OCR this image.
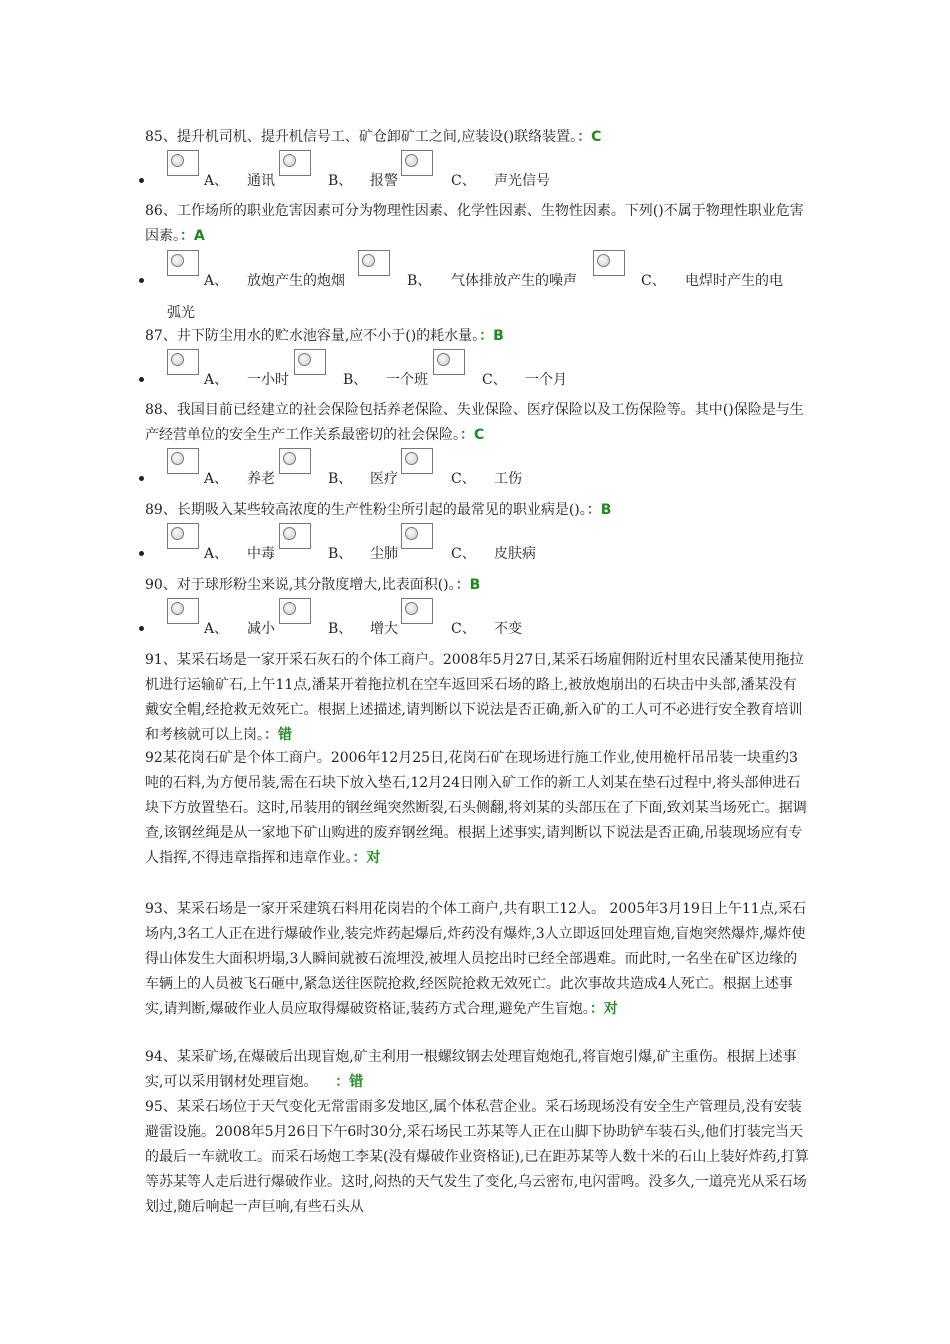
85、提升机司机、提升机信号工、矿仓卸矿工之间,应装设()联络装置。：C

A、 通讯	B、 报警	C、 声光信号

86、工作场所的职业危害因素可分为物理性因素、化学性因素、生物性因素。下列()不属于物理性职业危害因素。：A

A、 放炮产生的炮烟	B、 气体排放产生的噪声	C、 电焊时产生的电
弧光

87、井下防尘用水的贮水池容量,应不小于()的耗水量。：B

A、 一小时	B、 一个班	C、 一个月

88、我国目前已经建立的社会保险包括养老保险、失业保险、医疗保险以及工伤保险等。其中()保险是与生产经营单位的安全生产工作关系最密切的社会保险。：C

A、 养老	B、 医疗	C、 工伤

89、长期吸入某些较高浓度的生产性粉尘所引起的最常见的职业病是()。：B

A、 中毒	B、 尘肺	C、 皮肤病

90、对于球形粉尘来说,其分散度增大,比表面积()。：B

A、 减小	B、 增大	C、 不变

91、某采石场是一家开采石灰石的个体工商户。2008年5月27日,某采石场雇佣附近村里农民潘某使用拖拉机进行运输矿石,上午11点,潘某开着拖拉机在空车返回采石场的路上,被放炮崩出的石块击中头部,潘某没有戴安全帽,经抢救无效死亡。根据上述描述,请判断以下说法是否正确,新入矿的工人可不必进行安全教育培训和考核就可以上岗。：错

92某花岗石矿是个体工商户。2006年12月25日,花岗石矿在现场进行施工作业,使用桅杆吊吊装一块重约3吨的石料,为方便吊装,需在石块下放入垫石,12月24日刚入矿工作的新工人刘某在垫石过程中,将头部伸进石块下方放置垫石。这时,吊装用的钢丝绳突然断裂,石头侧翻,将刘某的头部压在了下面,致刘某当场死亡。据调查,该钢丝绳是从一家地下矿山购进的废弃钢丝绳。根据上述事实,请判断以下说法是否正确,吊装现场应有专人指挥,不得违章指挥和违章作业。：对

93、某采石场是一家开采建筑石料用花岗岩的个体工商户,共有职工12人。 2005年3月19日上午11点,采石场内,3名工人正在进行爆破作业,装完炸药起爆后,炸药没有爆炸,3人立即返回处理盲炮,盲炮突然爆炸,爆炸使得山体发生大面积坍塌,3人瞬间就被石流埋没,被埋人员挖出时已经全部遇难。而此时,一名坐在矿区边缘的车辆上的人员被飞石砸中,紧急送往医院抢救,经医院抢救无效死亡。此次事故共造成4人死亡。根据上述事实,请判断,爆破作业人员应取得爆破资格证,装药方式合理,避免产生盲炮。：对

94、某采矿场,在爆破后出现盲炮,矿主利用一根螺纹钢去处理盲炮炮孔,将盲炮引爆,矿主重伤。根据上述事实,可以采用钢材处理盲炮。    ：错

95、某采石场位于天气变化无常雷雨多发地区,属个体私营企业。采石场现场没有安全生产管理员,没有安装避雷设施。2008年5月26日下午6时30分,采石场民工苏某等人正在山脚下协助铲车装石头,他们打装完当天的最后一车就收工。而采石场炮工李某(没有爆破作业资格证),已在距苏某等人数十米的石山上装好炸药,打算等苏某等人走后进行爆破作业。这时,闷热的天气发生了变化,乌云密布,电闪雷鸣。没多久,一道亮光从采石场划过,随后响起一声巨响,有些石头从
